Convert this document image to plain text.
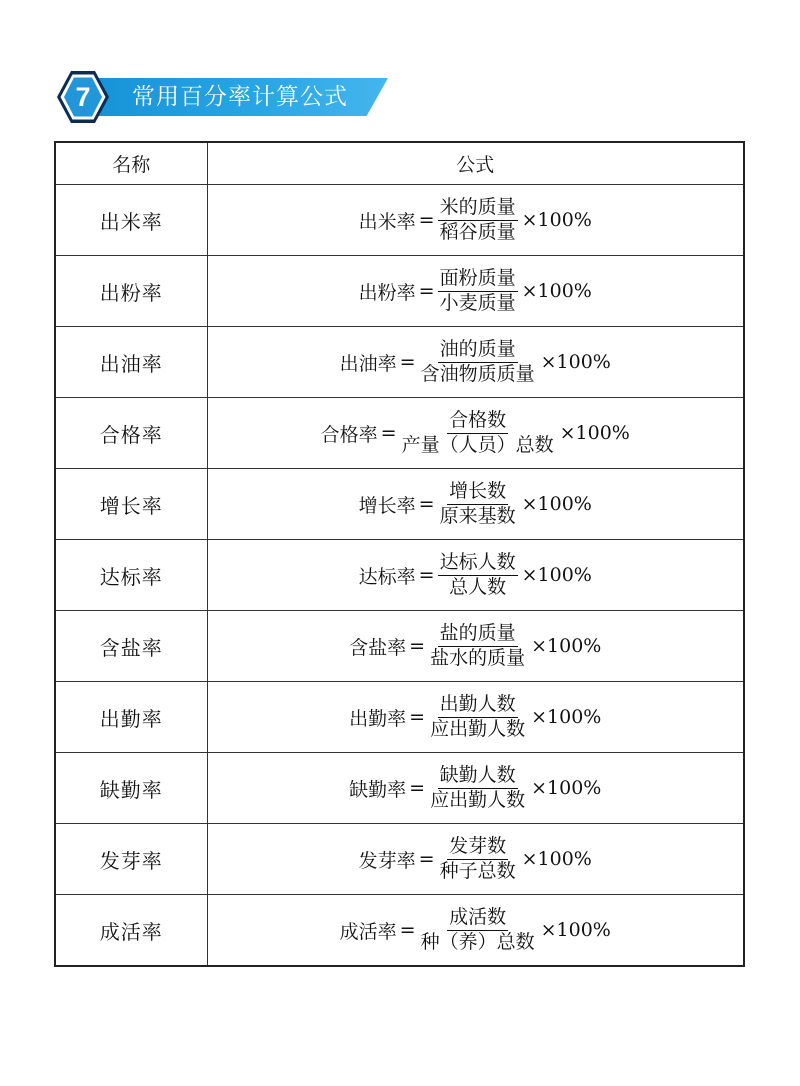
7 常用百分率计算公式
名称	公式
出米率	出米率 = $\frac{\text{米的质量}}{\text{稻谷质量}} \times 100\%$

出粉率	出粉率 = $\frac{\text{面粉质量}}{\text{小麦质量}} \times 100\%$

出油率	出油率 = $\frac{\text{油的质量}}{\text{含油物质质量}} \times 100\%$

合格率	合格率 = $\frac{\text{合格数}}{\text{产量（人员）总数}} \times 100\%$

增长率	增长率 = $\frac{\text{增长数}}{\text{原来基数}} \times 100\%$

达标率	达标率 = $\frac{\text{达标人数}}{\text{总人数}} \times 100\%$

含盐率	含盐率 = $\frac{\text{盐的质量}}{\text{盐水的质量}} \times 100\%$

出勤率	出勤率 = $\frac{\text{出勤人数}}{\text{应出勤人数}} \times 100\%$

缺勤率	缺勤率 = $\frac{\text{缺勤人数}}{\text{应出勤人数}} \times 100\%$

发芽率	发芽率 = $\frac{\text{发芽数}}{\text{种子总数}} \times 100\%$

成活率	成活率 = $\frac{\text{成活数}}{\text{种（养）总数}} \times 100\%$
